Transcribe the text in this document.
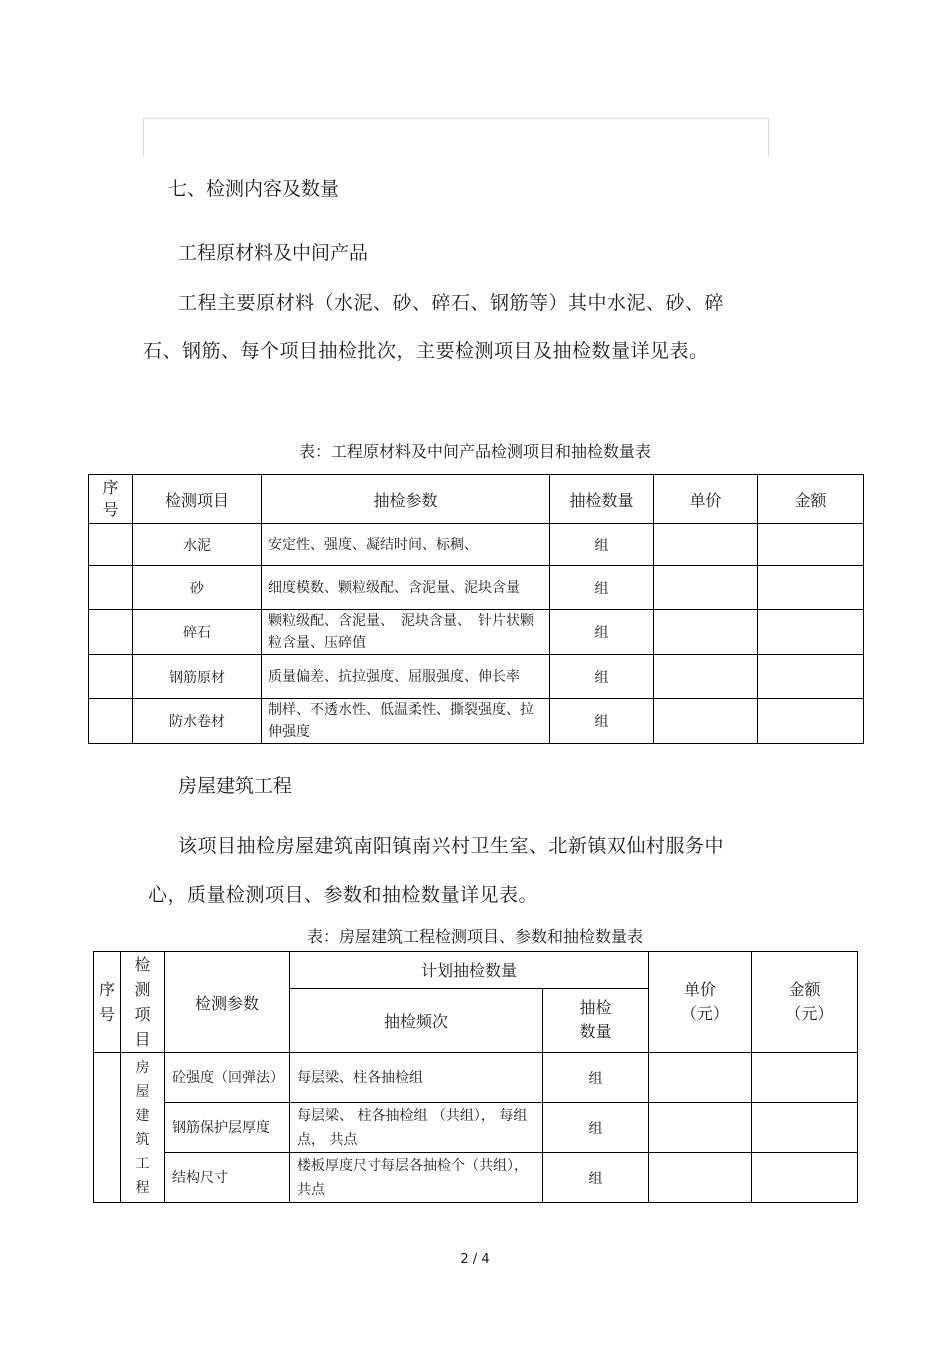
七、检测内容及数量
工程原材料及中间产品
工程主要原材料（水泥、砂、碎石、钢筋等）其中水泥、砂、碎
石、钢筋、每个项目抽检批次，主要检测项目及抽检数量详见表。
表：工程原材料及中间产品检测项目和抽检数量表
序号	检测项目	抽检参数	抽检数量	单价	金额
	水泥	安定性、强度、凝结时间、标稠、	组		
	砂	细度模数、颗粒级配、含泥量、泥块含量	组		
	碎石	颗粒级配、含泥量、　泥块含量、　针片状颗粒含量、压碎值	组		
	钢筋原材	质量偏差、抗拉强度、屈服强度、伸长率	组		
	防水卷材	制样、不透水性、低温柔性、撕裂强度、拉伸强度	组		
房屋建筑工程
该项目抽检房屋建筑南阳镇南兴村卫生室、北新镇双仙村服务中
心，质量检测项目、参数和抽检数量详见表。
表：房屋建筑工程检测项目、参数和抽检数量表
序号	检测项目	检测参数	计划抽检数量		单价（元）	金额（元）
			抽检频次	抽检数量		

	房屋建筑工程	砼强度（回弹法）	每层梁、柱各抽检组	组		
		钢筋保护层厚度	每层梁、 柱各抽检组 （共组）， 每组点， 共点	组		
		结构尺寸	楼板厚度尺寸每层各抽检个（共组），共点	组		
2 / 4
